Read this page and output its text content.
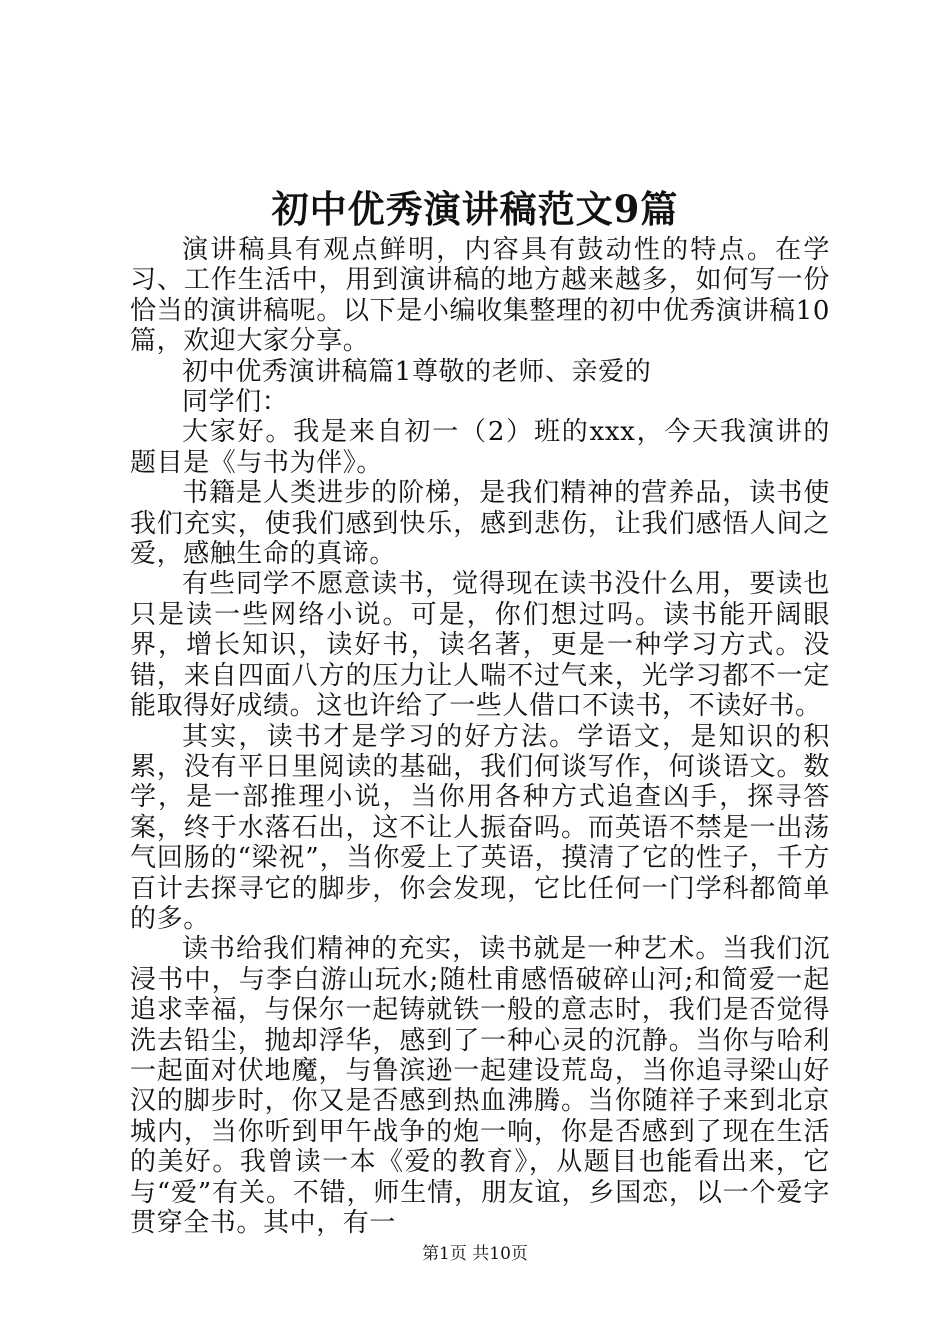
初中优秀演讲稿范文9篇

演讲稿具有观点鲜明，内容具有鼓动性的特点。在学习、工作生活中，用到演讲稿的地方越来越多，如何写一份恰当的演讲稿呢。以下是小编收集整理的初中优秀演讲稿10篇，欢迎大家分享。

初中优秀演讲稿篇1尊敬的老师、亲爱的

同学们：

大家好。我是来自初一（2）班的xxx，今天我演讲的题目是《与书为伴》。

书籍是人类进步的阶梯，是我们精神的营养品，读书使我们充实，使我们感到快乐，感到悲伤，让我们感悟人间之爱，感触生命的真谛。

有些同学不愿意读书，觉得现在读书没什么用，要读也只是读一些网络小说。可是，你们想过吗。读书能开阔眼界，增长知识，读好书，读名著，更是一种学习方式。没错，来自四面八方的压力让人喘不过气来，光学习都不一定能取得好成绩。这也许给了一些人借口不读书，不读好书。

其实，读书才是学习的好方法。学语文，是知识的积累，没有平日里阅读的基础，我们何谈写作，何谈语文。数学，是一部推理小说，当你用各种方式追查凶手，探寻答案，终于水落石出，这不让人振奋吗。而英语不禁是一出荡气回肠的“梁祝”，当你爱上了英语，摸清了它的性子，千方百计去探寻它的脚步，你会发现，它比任何一门学科都简单的多。

读书给我们精神的充实，读书就是一种艺术。当我们沉浸书中，与李白游山玩水;随杜甫感悟破碎山河;和简爱一起追求幸福，与保尔一起铸就铁一般的意志时，我们是否觉得洗去铅尘，抛却浮华，感到了一种心灵的沉静。当你与哈利一起面对伏地魔，与鲁滨逊一起建设荒岛，当你追寻梁山好汉的脚步时，你又是否感到热血沸腾。当你随祥子来到北京城内，当你听到甲午战争的炮一响，你是否感到了现在生活的美好。我曾读一本《爱的教育》，从题目也能看出来，它与“爱”有关。不错，师生情，朋友谊，乡国恋，以一个爱字贯穿全书。其中，有一

第1页 共10页
